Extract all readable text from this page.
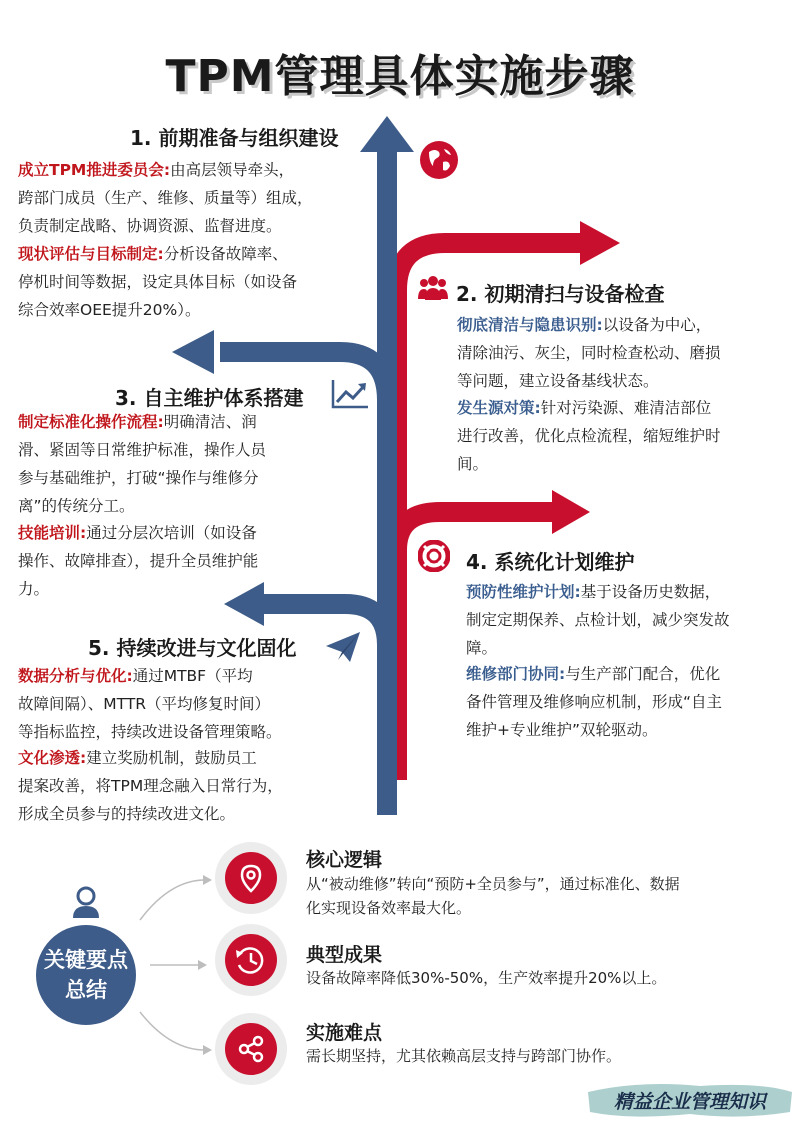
TPM管理具体实施步骤
1. 前期准备与组织建设
成立TPM推进委员会:由高层领导牵头，
跨部门成员（生产、维修、质量等）组成，
负责制定战略、协调资源、监督进度。
现状评估与目标制定:分析设备故障率、
停机时间等数据，设定具体目标（如设备
综合效率OEE提升20%）。
2. 初期清扫与设备检查
彻底清洁与隐患识别:以设备为中心，
清除油污、灰尘，同时检查松动、磨损
等问题，建立设备基线状态。
发生源对策:针对污染源、难清洁部位
进行改善，优化点检流程，缩短维护时
间。
3. 自主维护体系搭建
制定标准化操作流程:明确清洁、润
滑、紧固等日常维护标准，操作人员
参与基础维护，打破“操作与维修分
离”的传统分工。
技能培训:通过分层次培训（如设备
操作、故障排查），提升全员维护能
力。
4. 系统化计划维护
预防性维护计划:基于设备历史数据，
制定定期保养、点检计划，减少突发故
障。
维修部门协同:与生产部门配合，优化
备件管理及维修响应机制，形成“自主
维护+专业维护”双轮驱动。
5. 持续改进与文化固化
数据分析与优化:通过MTBF（平均
故障间隔）、MTTR（平均修复时间）
等指标监控，持续改进设备管理策略。
文化渗透:建立奖励机制，鼓励员工
提案改善，将TPM理念融入日常行为，
形成全员参与的持续改进文化。
关键要点
总结
核心逻辑
从“被动维修”转向“预防+全员参与”，通过标准化、数据
化实现设备效率最大化。
典型成果
设备故障率降低30%-50%，生产效率提升20%以上。
实施难点
需长期坚持，尤其依赖高层支持与跨部门协作。
精益企业管理知识
